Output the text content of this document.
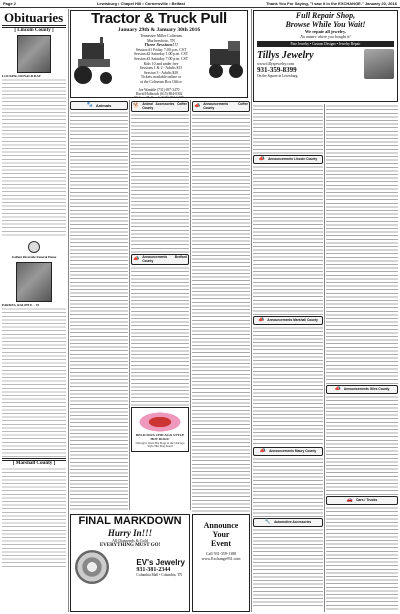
Page 2	Lewisburg • Chapel Hill • Cornersville • Belfast	Thank You For Saying, "I saw it in the EXCHANGE." January 20, 2016
Obituaries
[ Lincoln County ]
LOCKER, DONALD RAY
Gallant Riverside Funeral Home
PARKES, RALPH E. - 91
[ Marshall County ]
Tractor & Truck Pull
January 29th & January 30th 2016
Tennessee Miller Coliseum
Murfreesboro, TN
Three Sessions!!!
Session #1 Friday 7:00 p.m. CST
Session #2 Saturday 1:00 p.m. CST
Session #3 Saturday 7:00 p.m. CST
Kids 10 and under free
Sessions 1 & 2 - Adults $15
Session 3 - Adults $20
Tickets available online or
at the Coliseum Box Office
Joe Wamble (731) 697-3470
David Holbrook (615) 804-0302
🐾 Animals	🐕 Animal Accessories Coffee County
📣 Announcements Bedford County
DELICIOUS CHICAGO STYLE HOT DOGS!
Chicago's Own Hot Dogs at the Chicago Style Hot Dog Stand
📣 Announcements Coffee County
FINAL MARKDOWN
Hurry In!!!
All Diamonds & Gold
EVERYTHING MUST GO!
EV's Jewelry
931-381-2344
Columbia Mall • Columbia, TN
Announce
Your
Event
Call 931-359-1188
www.Exchange931.com
Full Repair Shop,
Browse While You Wait!
We repair all jewelry.
No matter where you bought it!
Fine Jewelry • Custom Designs • Jewelry Repair
Tillys Jewelry
www.tillysjewelry.com
931-359-8399
On the Square in Lewisburg
📣 Announcements Lincoln County
📣 Announcements Marshall County
📣 Announcements Maury County
🔧 Automotive Accessories
📣 Announcements Giles County
🚗 Cars / Trucks
